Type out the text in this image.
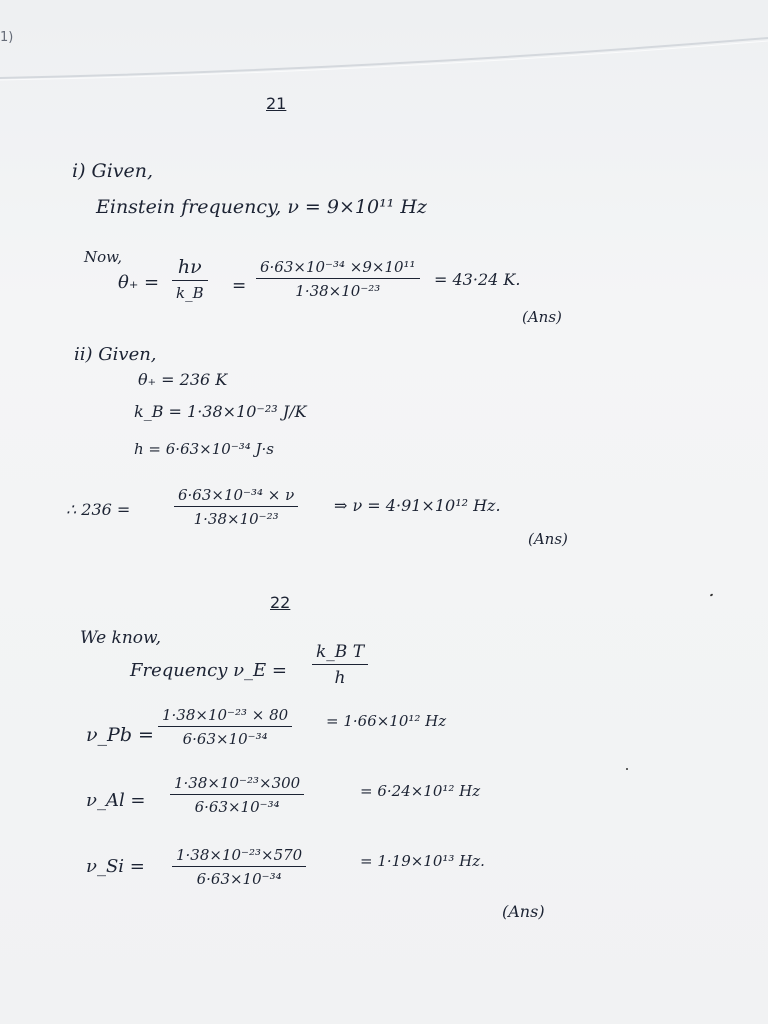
1)
21
i) Given,
Einstein frequency, ν = 9×10¹¹ Hz
Now,
θ₊ =
hν
k_B = $\frac{\text{6·63×10⁻³⁴ ×9×10¹¹}}{\text{1·38×10⁻²³}} = 43\cdot 24$ K.
(Ans)
ii) Given,
θ₊ = 236 K
k_B = 1·38×10⁻²³ J/K
h = 6·63×10⁻³⁴ J·s
∴ 236 =	$\frac{\text{6·63×10⁻³⁴ × ν}}{\text{1·38×10⁻²³}}$ ⇒ ν = 4·91×10¹² Hz.
(Ans)
22
We know,
Frequency ν_E = $\frac{\text{k\_B T}}{h}$
ν_Pb = $\frac{\text{1·38×10⁻²³ × 80}}{\text{6·63×10⁻³⁴}} = 1\cdot 66\times 10^{12}$ Hz
ν_Al = $\frac{\text{1·38×10⁻²³×300}}{\text{6·63×10⁻³⁴}}$	= 6·24×10¹² Hz
ν_Si = $\frac{\text{1·38×10⁻²³×570}}{\text{6·63×10⁻³⁴}}$	= 1·19×10¹³ Hz.
(Ans)
